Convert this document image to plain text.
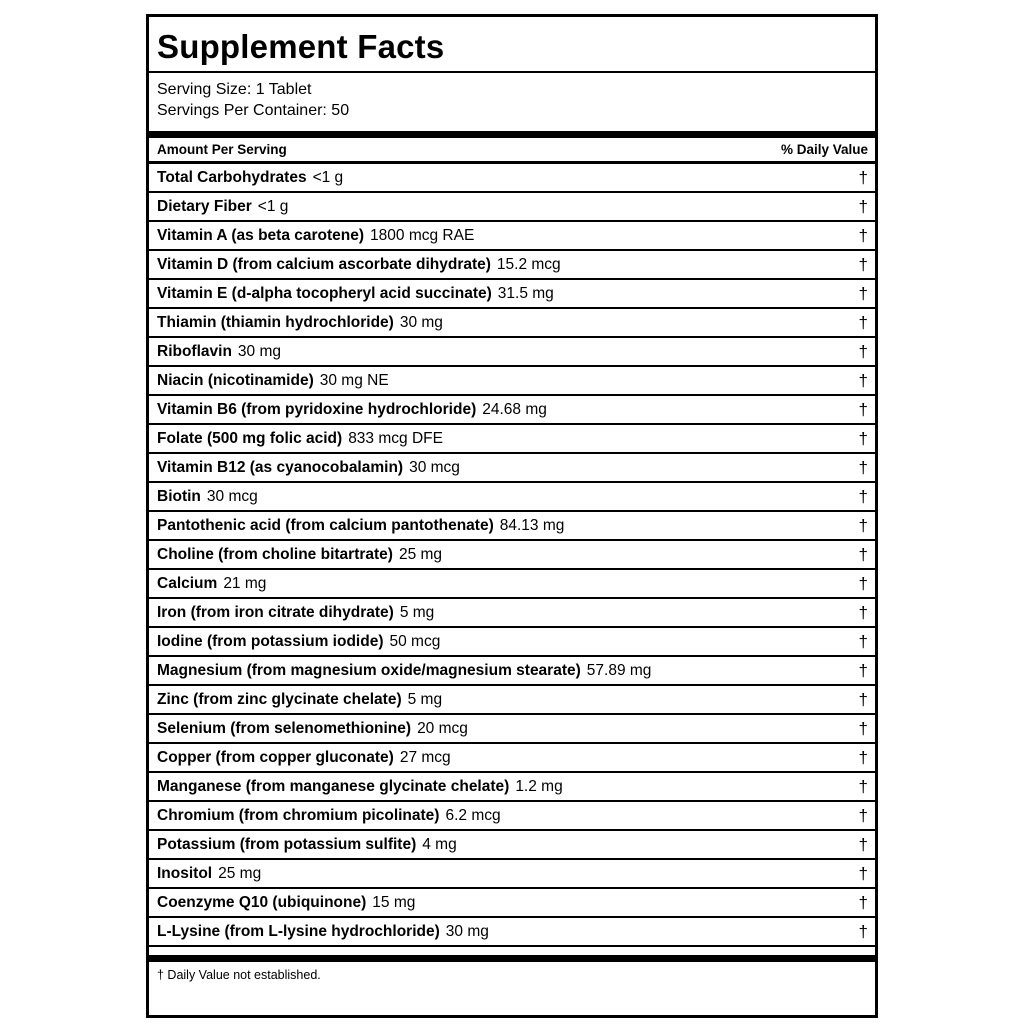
Supplement Facts
Serving Size: 1 Tablet
Servings Per Container: 50
Amount Per Serving	% Daily Value
Total Carbohydrates <1 g	†
Dietary Fiber <1 g	†
Vitamin A (as beta carotene) 1800 mcg RAE	†
Vitamin D (from calcium ascorbate dihydrate) 15.2 mcg	†
Vitamin E (d-alpha tocopheryl acid succinate) 31.5 mg	†
Thiamin (thiamin hydrochloride) 30 mg	†
Riboflavin 30 mg	†
Niacin (nicotinamide) 30 mg NE	†
Vitamin B6 (from pyridoxine hydrochloride) 24.68 mg	†
Folate (500 mg folic acid) 833 mcg DFE	†
Vitamin B12 (as cyanocobalamin) 30 mcg	†
Biotin 30 mcg	†
Pantothenic acid (from calcium pantothenate) 84.13 mg	†
Choline (from choline bitartrate) 25 mg	†
Calcium 21 mg	†
Iron (from iron citrate dihydrate) 5 mg	†
Iodine (from potassium iodide) 50 mcg	†
Magnesium (from magnesium oxide/magnesium stearate) 57.89 mg	†
Zinc (from zinc glycinate chelate) 5 mg	†
Selenium (from selenomethionine) 20 mcg	†
Copper (from copper gluconate) 27 mcg	†
Manganese (from manganese glycinate chelate) 1.2 mg	†
Chromium (from chromium picolinate) 6.2 mcg	†
Potassium (from potassium sulfite) 4 mg	†
Inositol 25 mg	†
Coenzyme Q10 (ubiquinone) 15 mg	†
L-Lysine (from L-lysine hydrochloride) 30 mg	†
† Daily Value not established.
